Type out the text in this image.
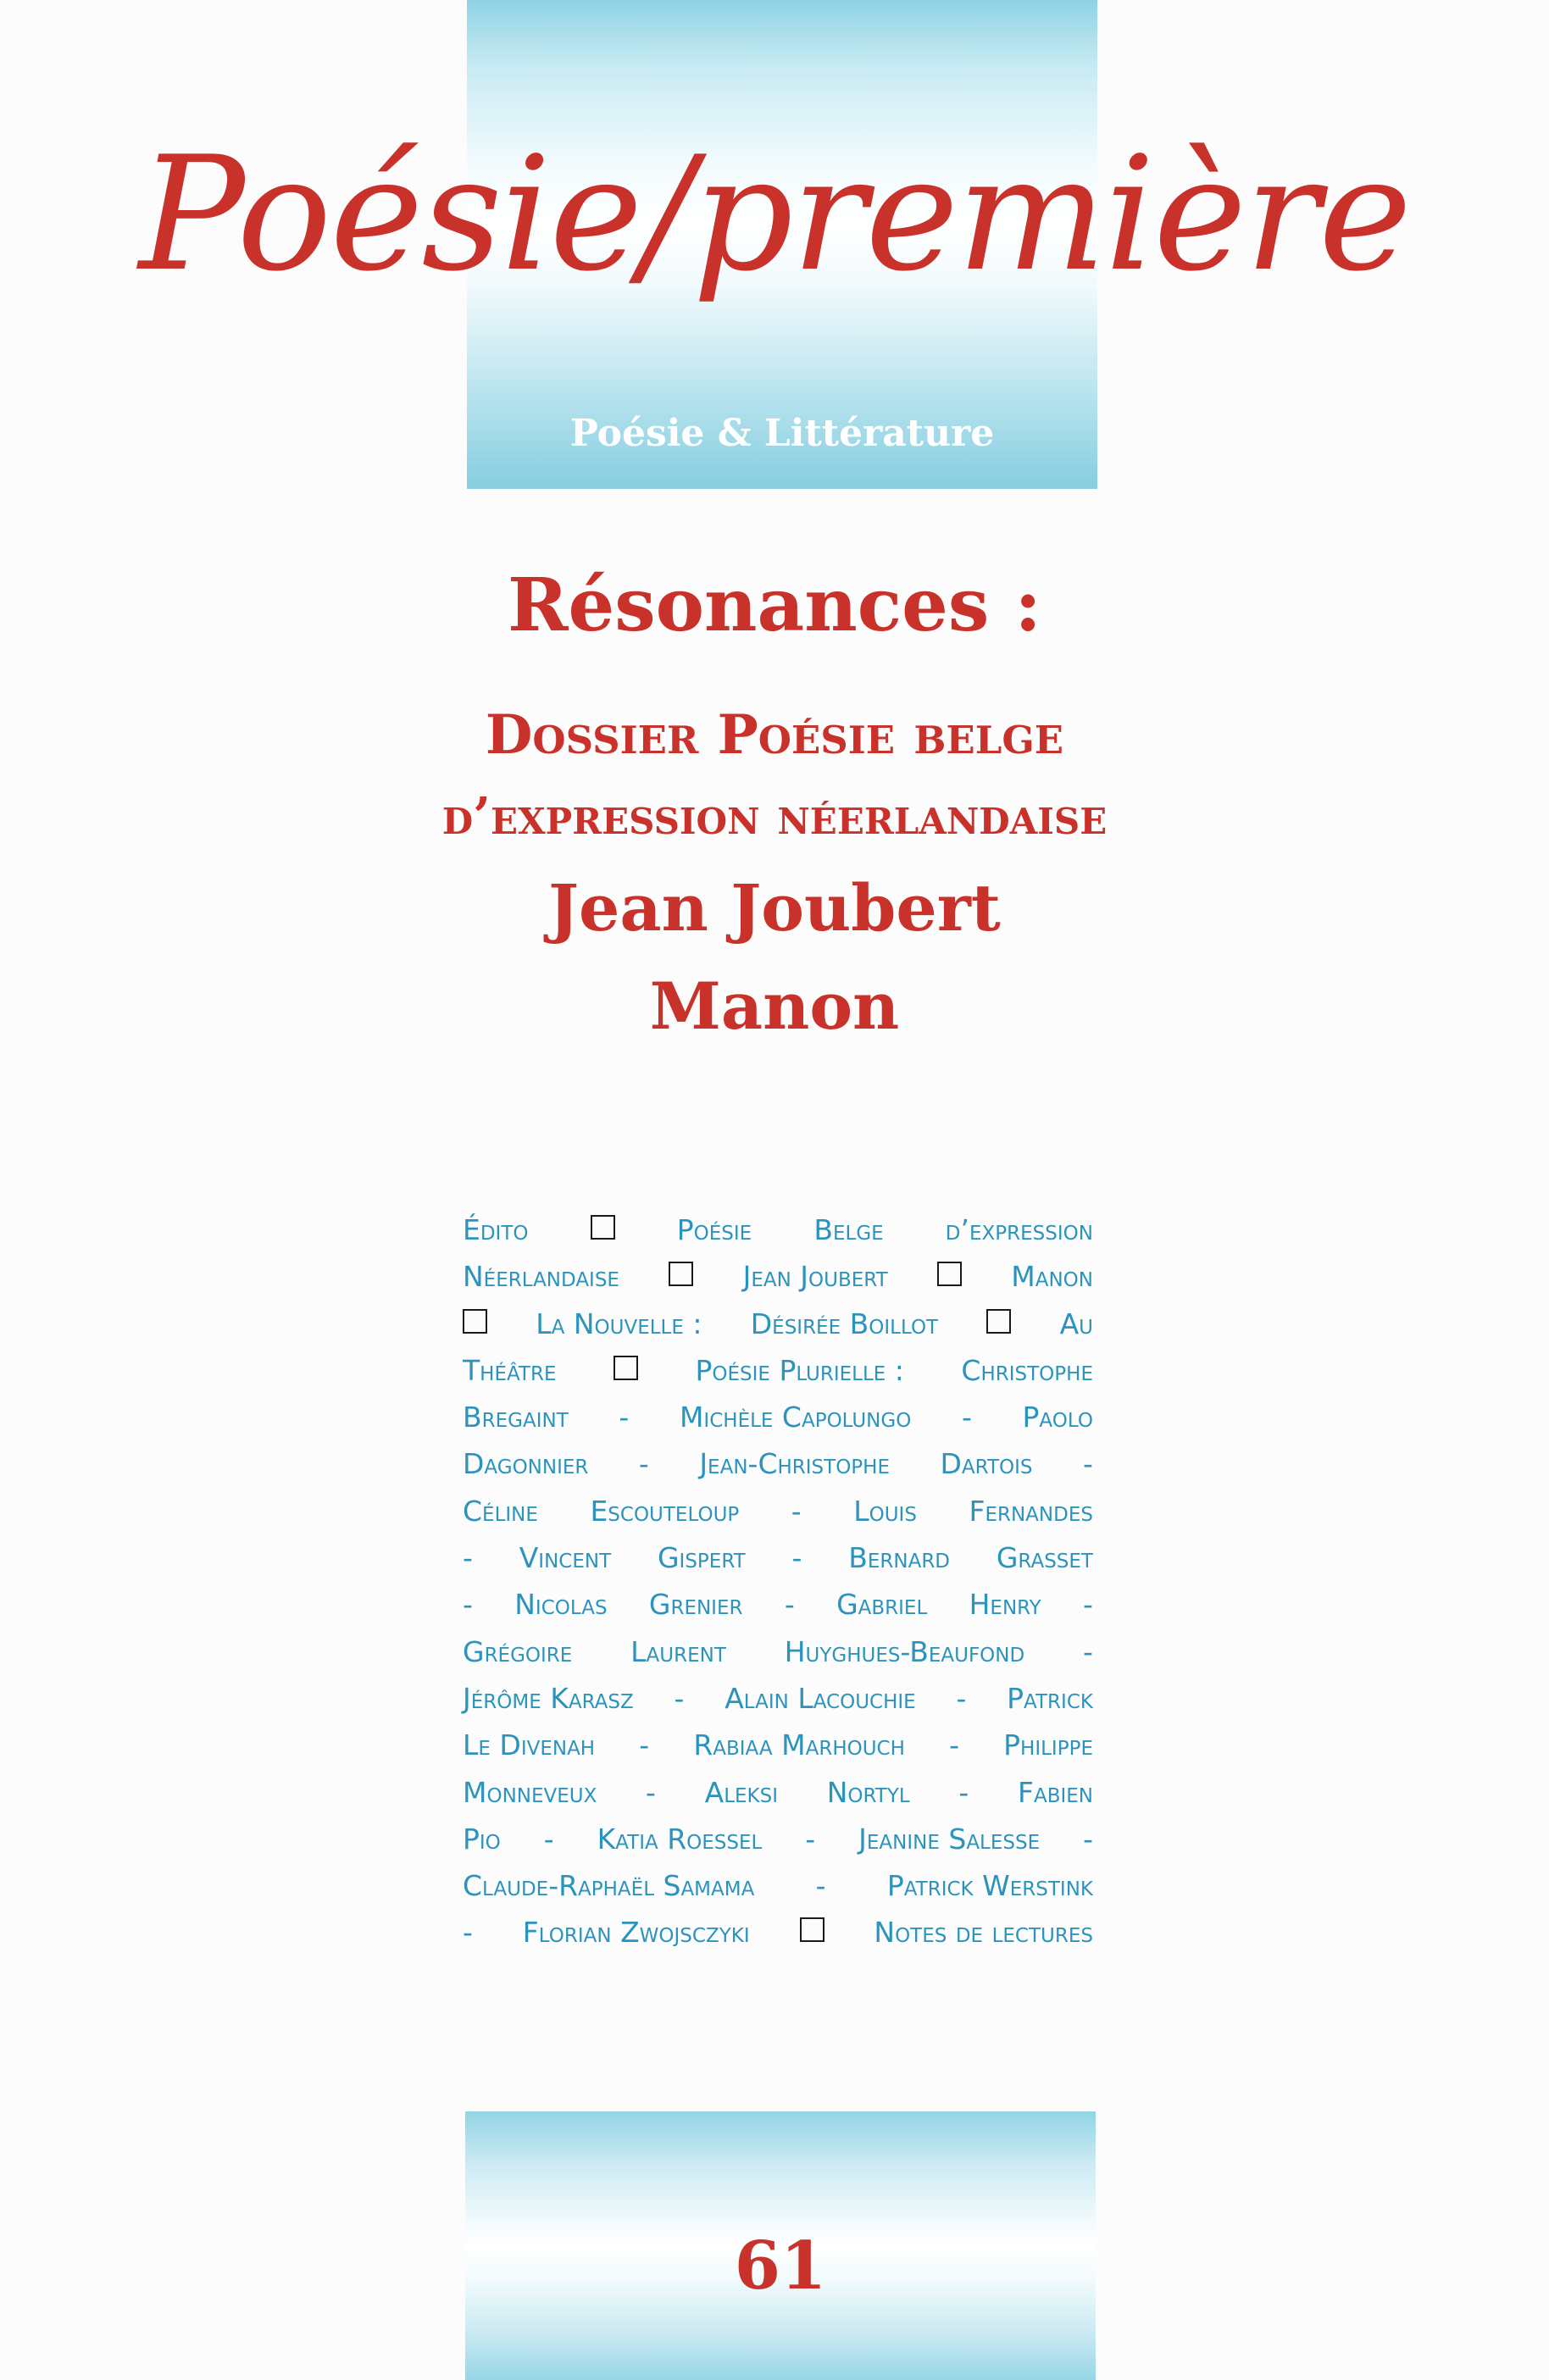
Poésie/première
Poésie & Littérature
Résonances :
Dossier Poésie belge
d’expression néerlandaise
Jean Joubert
Manon
Édito	Poésie Belge d’expression
Néerlandaise	Jean Joubert	Manon
La Nouvelle : Désirée Boillot	Au
Théâtre	Poésie Plurielle : Christophe
Bregaint - Michèle Capolungo - Paolo
Dagonnier - Jean-Christophe Dartois -
Céline Escouteloup - Louis Fernandes
- Vincent Gispert - Bernard Grasset
- Nicolas Grenier - Gabriel Henry -
Grégoire Laurent Huyghues-Beaufond -
Jérôme Karasz - Alain Lacouchie - Patrick
Le Divenah - Rabiaa Marhouch - Philippe
Monneveux - Aleksi Nortyl - Fabien
Pio - Katia Roessel - Jeanine Salesse -
Claude-Raphaël Samama - Patrick Werstink
- Florian Zwojsczyki	Notes de lectures
61
